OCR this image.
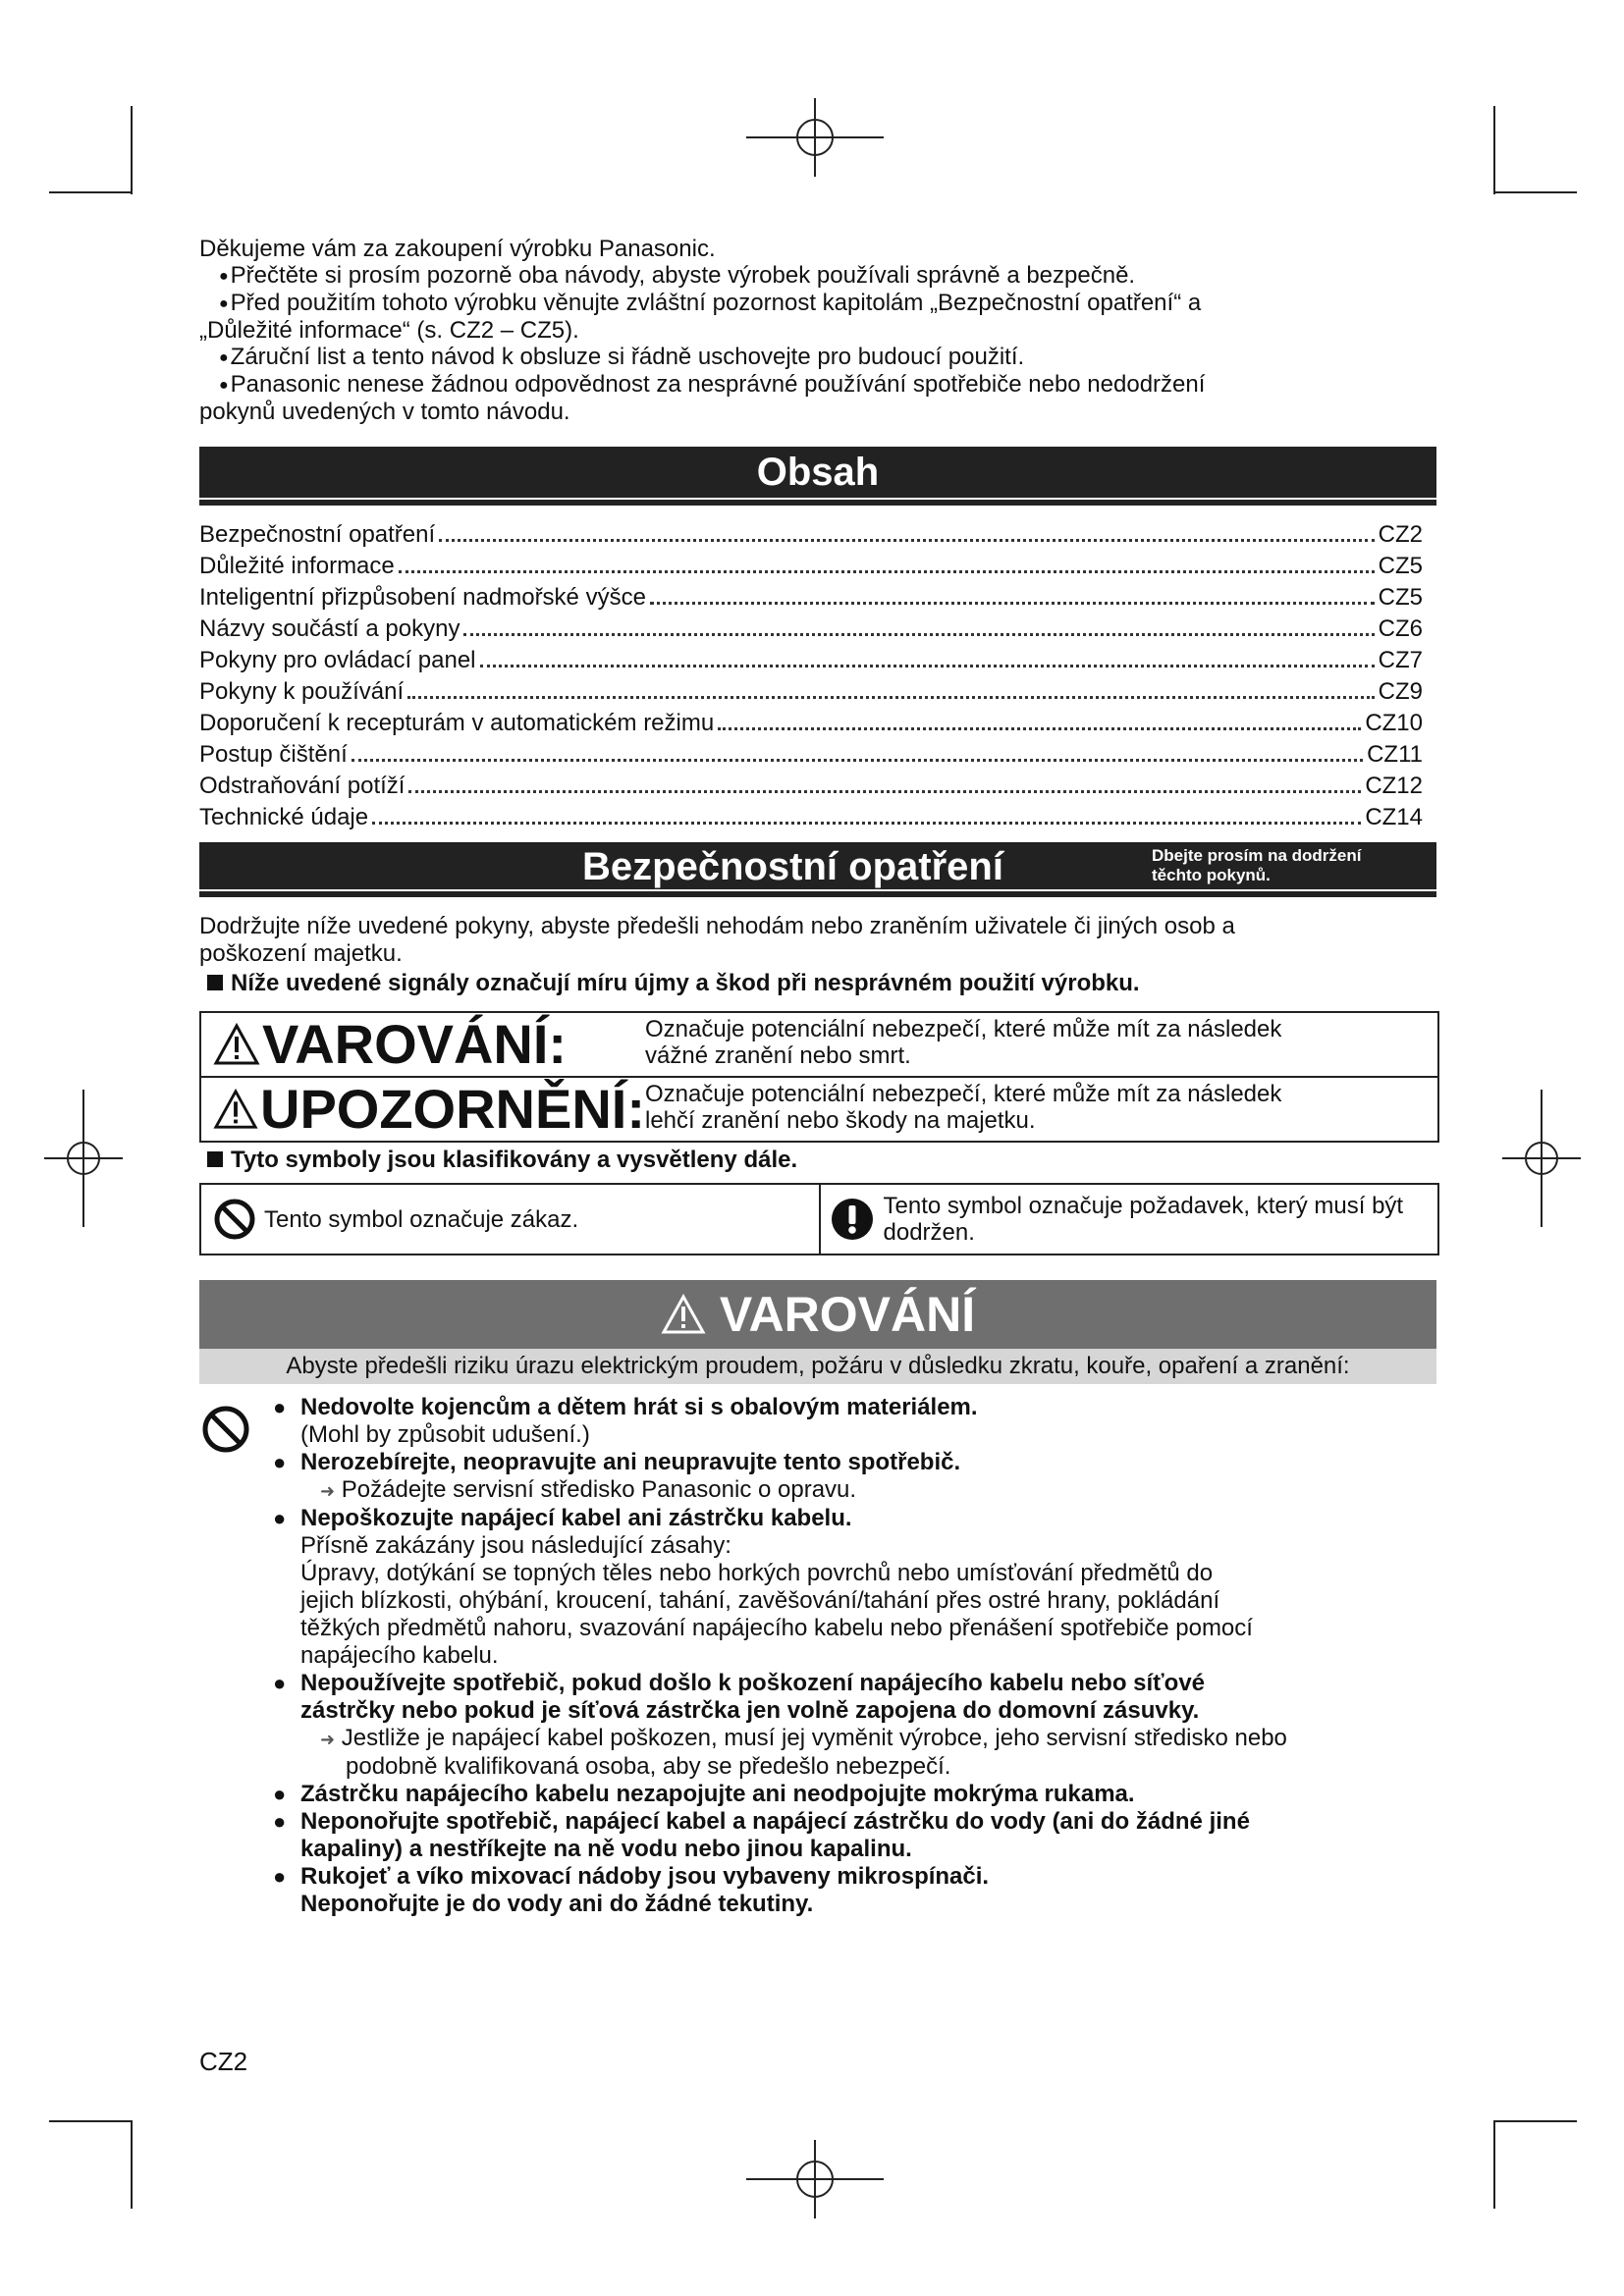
Děkujeme vám za zakoupení výrobku Panasonic.
● Přečtěte si prosím pozorně oba návody, abyste výrobek používali správně a bezpečně.
● Před použitím tohoto výrobku věnujte zvláštní pozornost kapitolám „Bezpečnostní opatření“ a
„Důležité informace“ (s. CZ2 – CZ5).
● Záruční list a tento návod k obsluze si řádně uschovejte pro budoucí použití.
● Panasonic nenese žádnou odpovědnost za nesprávné používání spotřebiče nebo nedodržení
pokynů uvedených v tomto návodu.
Obsah
Bezpečnostní opatření	CZ2
Důležité informace	CZ5
Inteligentní přizpůsobení nadmořské výšce	CZ5
Názvy součástí a pokyny	CZ6
Pokyny pro ovládací panel	CZ7
Pokyny k používání	CZ9
Doporučení k recepturám v automatickém režimu	CZ10
Postup čištění	CZ11
Odstraňování potíží	CZ12
Technické údaje	CZ14
Bezpečnostní opatření	Dbejte prosím na dodržení
těchto pokynů.
Dodržujte níže uvedené pokyny, abyste předešli nehodám nebo zraněním uživatele či jiných osob a
poškození majetku.
Níže uvedené signály označují míru újmy a škod při nesprávném použití výrobku.
VAROVÁNÍ:	Označuje potenciální nebezpečí, které může mít za následek
vážné zranění nebo smrt.
UPOZORNĚNÍ: Označuje potenciální nebezpečí, které může mít za následek
lehčí zranění nebo škody na majetku.
Tyto symboly jsou klasifikovány a vysvětleny dále.
Tento symbol označuje zákaz.	Tento symbol označuje požadavek, který musí být
dodržen.
VAROVÁNÍ
Abyste předešli riziku úrazu elektrickým proudem, požáru v důsledku zkratu, kouře, opaření a zranění:
● Nedovolte kojencům a dětem hrát si s obalovým materiálem.
(Mohl by způsobit udušení.)
● Nerozebírejte, neopravujte ani neupravujte tento spotřebič.
➜ Požádejte servisní středisko Panasonic o opravu.
● Nepoškozujte napájecí kabel ani zástrčku kabelu.
Přísně zakázány jsou následující zásahy:
Úpravy, dotýkání se topných těles nebo horkých povrchů nebo umísťování předmětů do
jejich blízkosti, ohýbání, kroucení, tahání, zavěšování/tahání přes ostré hrany, pokládání
těžkých předmětů nahoru, svazování napájecího kabelu nebo přenášení spotřebiče pomocí
napájecího kabelu.
● Nepoužívejte spotřebič, pokud došlo k poškození napájecího kabelu nebo síťové
zástrčky nebo pokud je síťová zástrčka jen volně zapojena do domovní zásuvky.
➜ Jestliže je napájecí kabel poškozen, musí jej vyměnit výrobce, jeho servisní středisko nebo
podobně kvalifikovaná osoba, aby se předešlo nebezpečí.
● Zástrčku napájecího kabelu nezapojujte ani neodpojujte mokrýma rukama.
● Neponořujte spotřebič, napájecí kabel a napájecí zástrčku do vody (ani do žádné jiné
kapaliny) a nestříkejte na ně vodu nebo jinou kapalinu.
● Rukojeť a víko mixovací nádoby jsou vybaveny mikrospínači.
Neponořujte je do vody ani do žádné tekutiny.
CZ2
